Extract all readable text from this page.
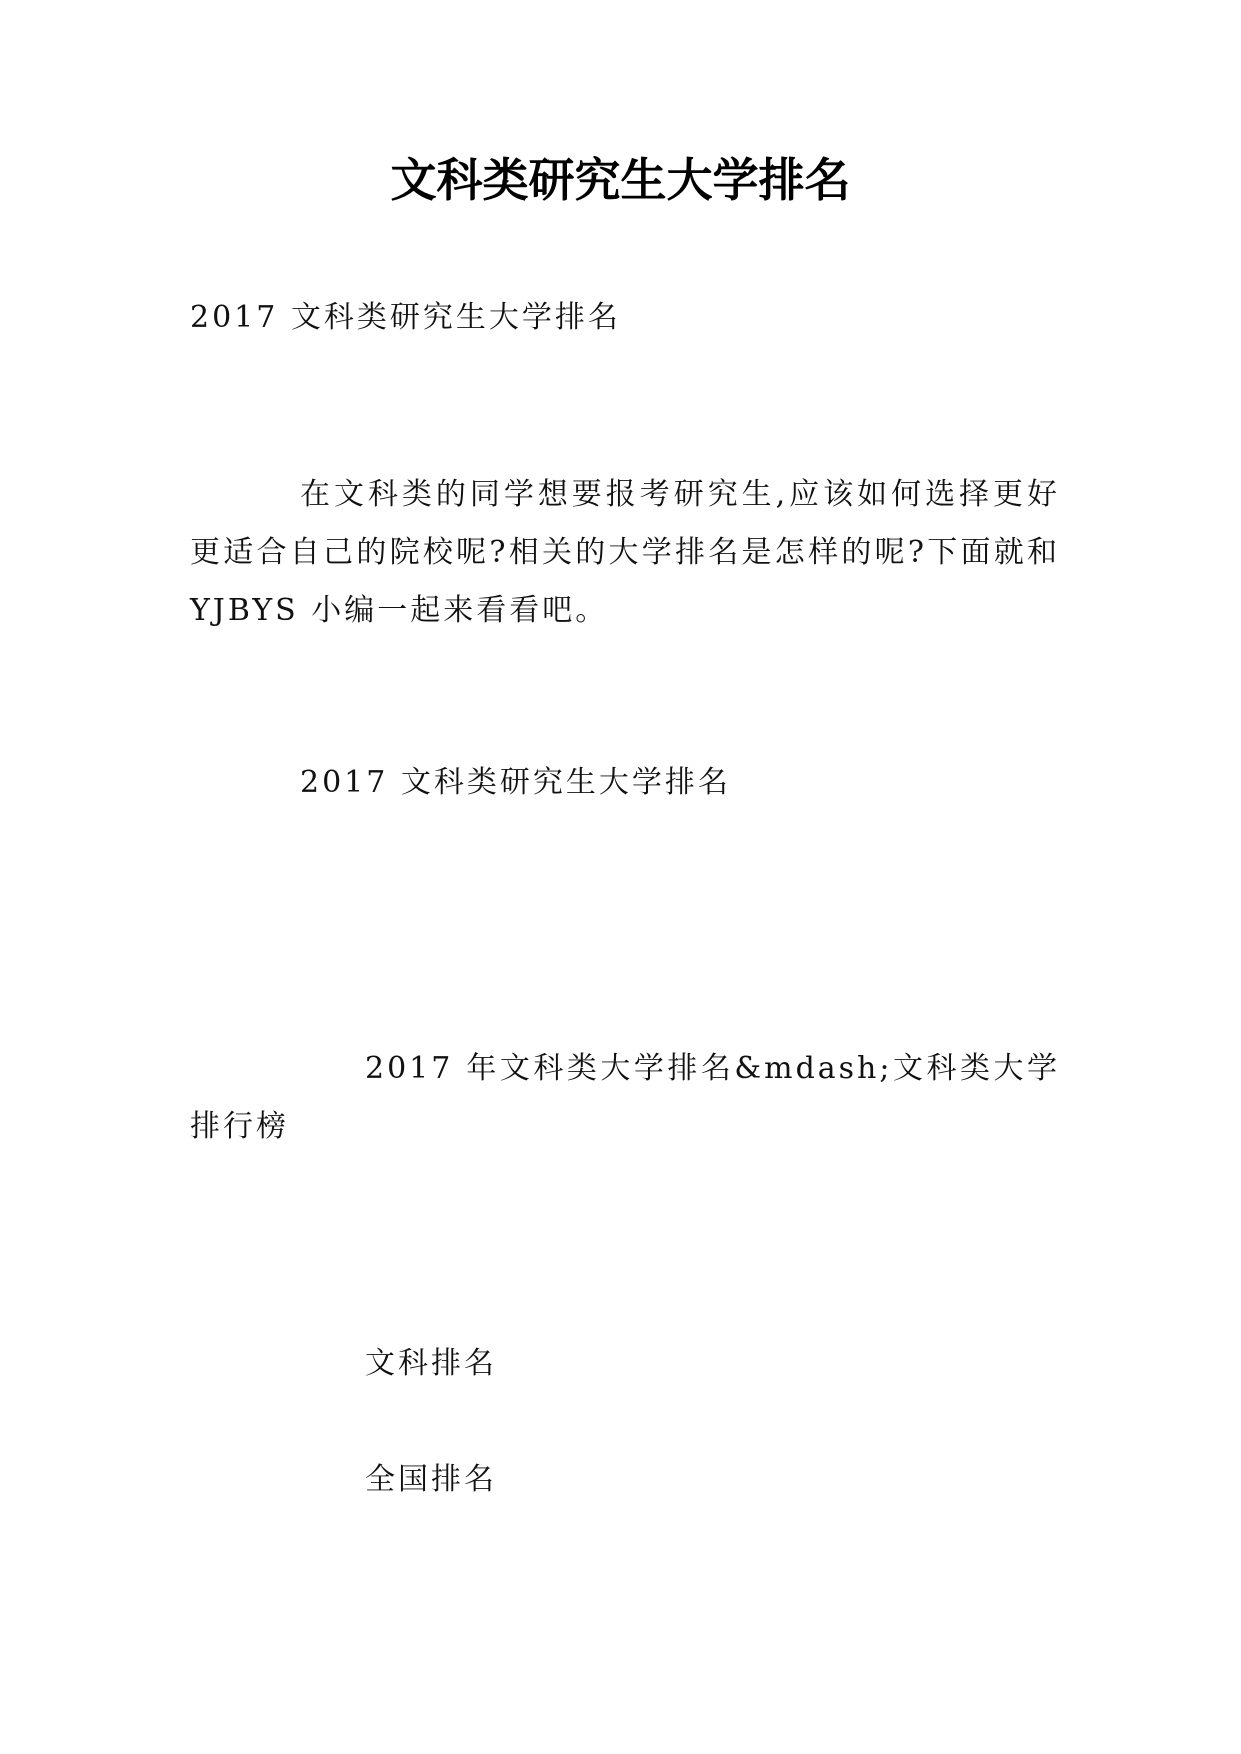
文科类研究生大学排名

2017 文科类研究生大学排名

在文科类的同学想要报考研究生,应该如何选择更好更适合自己的院校呢?相关的大学排名是怎样的呢?下面就和 YJBYS 小编一起来看看吧。

2017 文科类研究生大学排名

2017 年文科类大学排名&mdash;文科类大学排行榜

文科排名

全国排名
